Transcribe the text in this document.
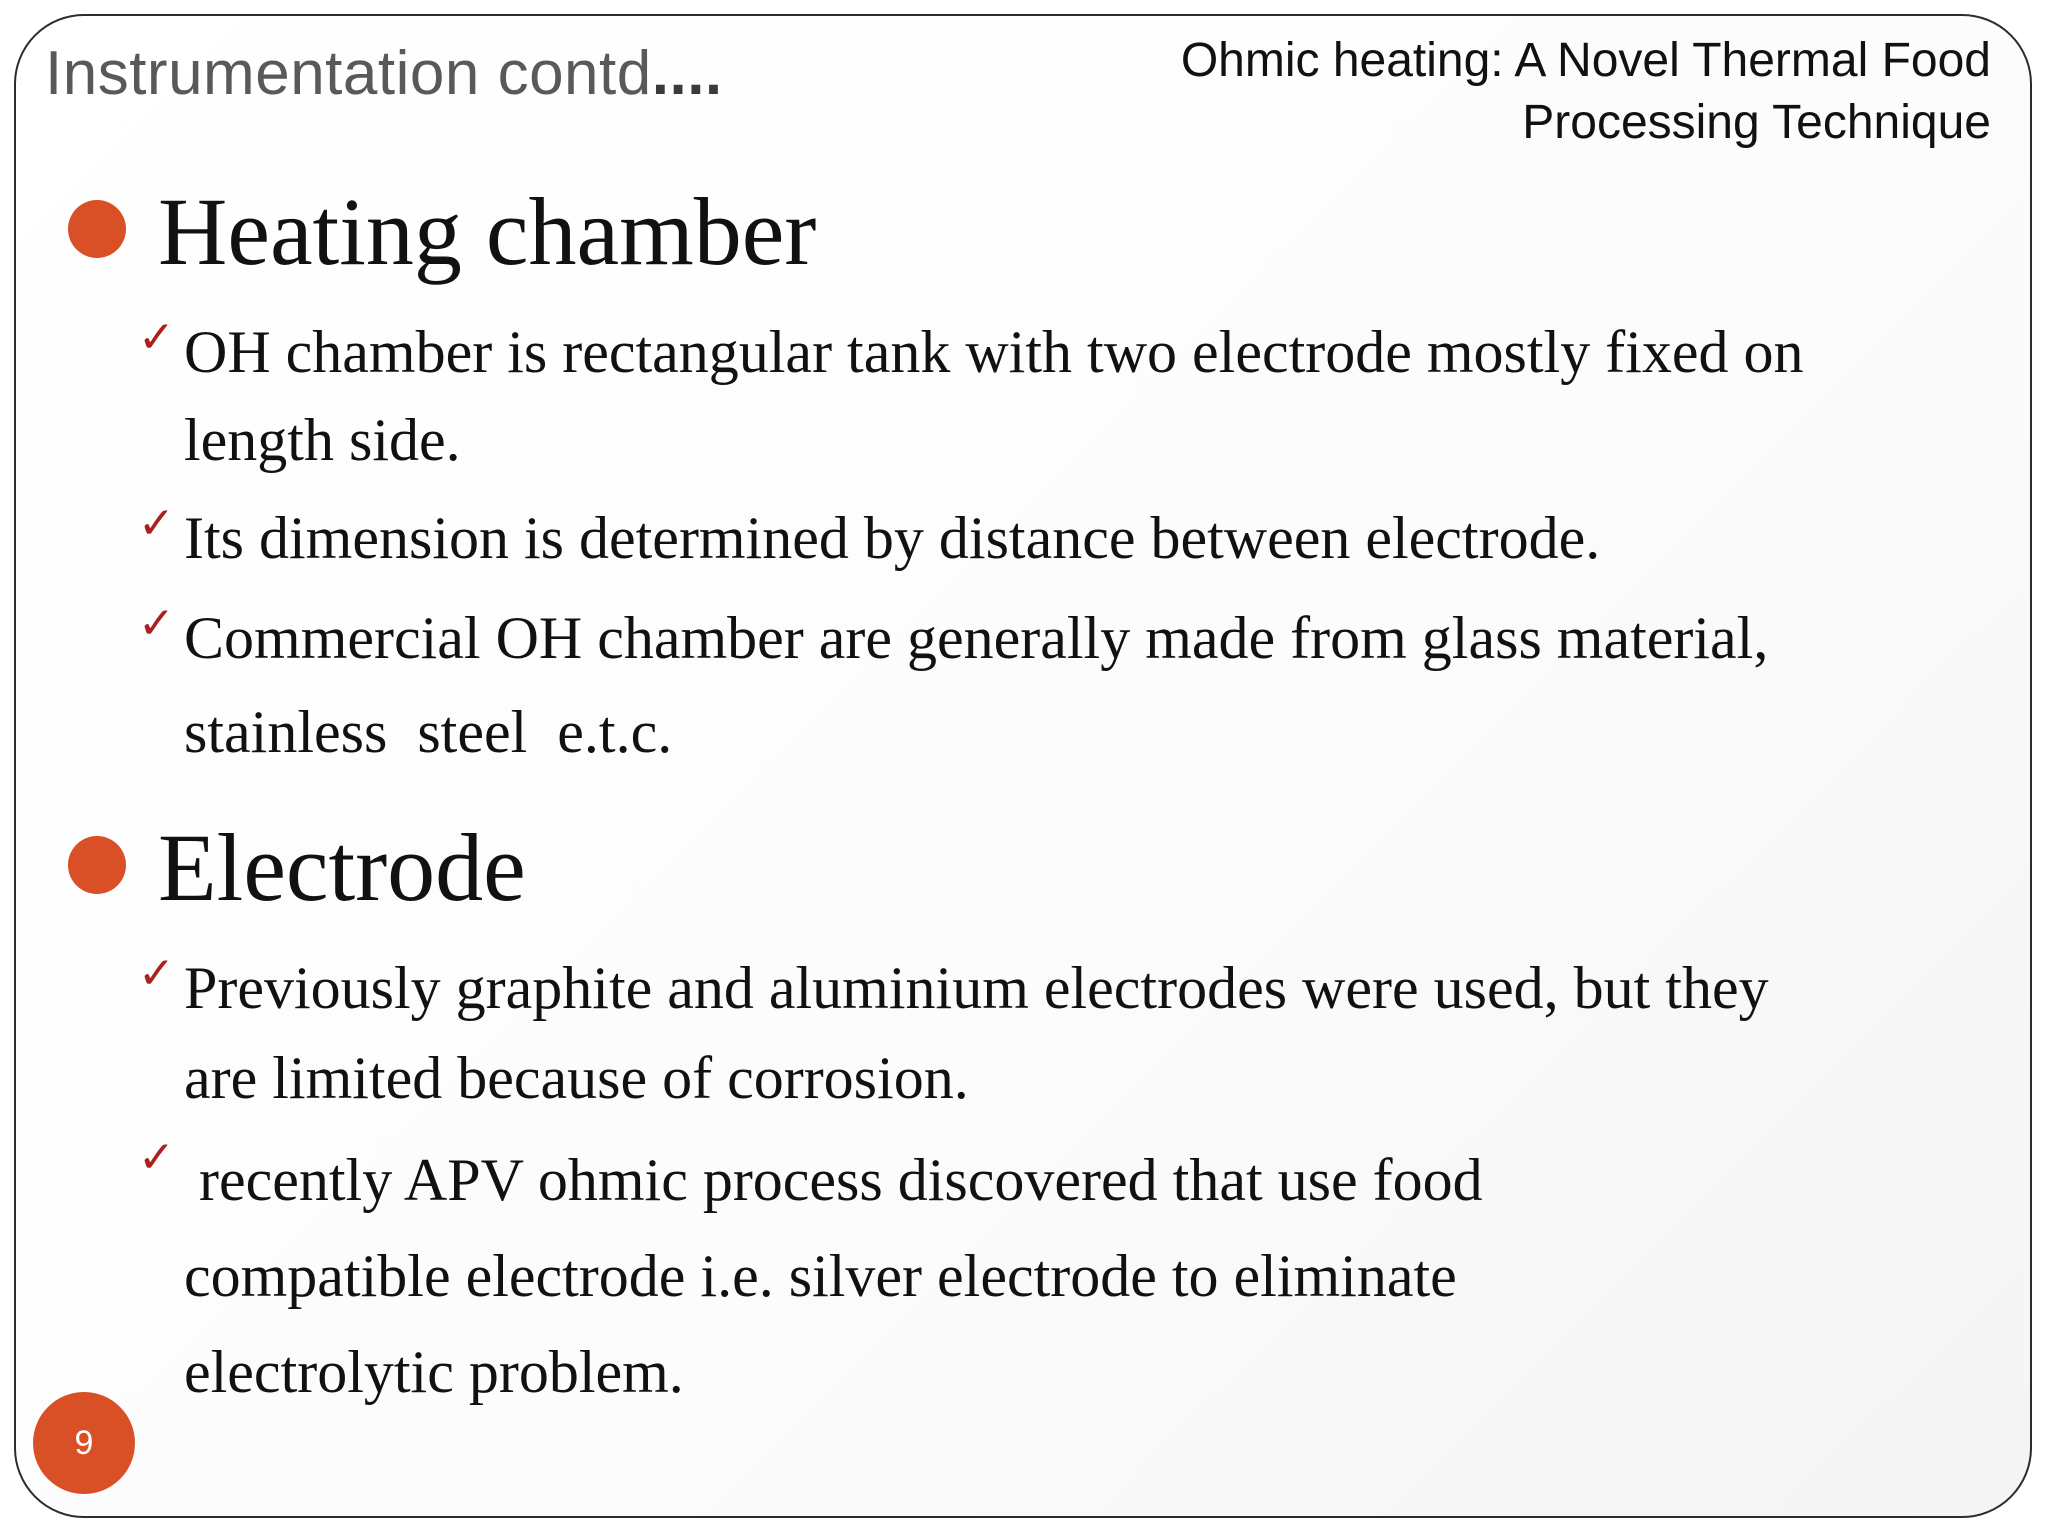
Instrumentation contd....	Ohmic heating: A Novel Thermal Food
Processing Technique
Heating chamber
✓ OH chamber is rectangular tank with two electrode mostly fixed on
length side.
✓ Its dimension is determined by distance between electrode.
✓ Commercial OH chamber are generally made from glass material,
stainless  steel  e.t.c.
Electrode
✓ Previously graphite and aluminium electrodes were used, but they
are limited because of corrosion.
✓ recently APV ohmic process discovered that use food
compatible electrode i.e. silver electrode to eliminate
electrolytic problem.
9
